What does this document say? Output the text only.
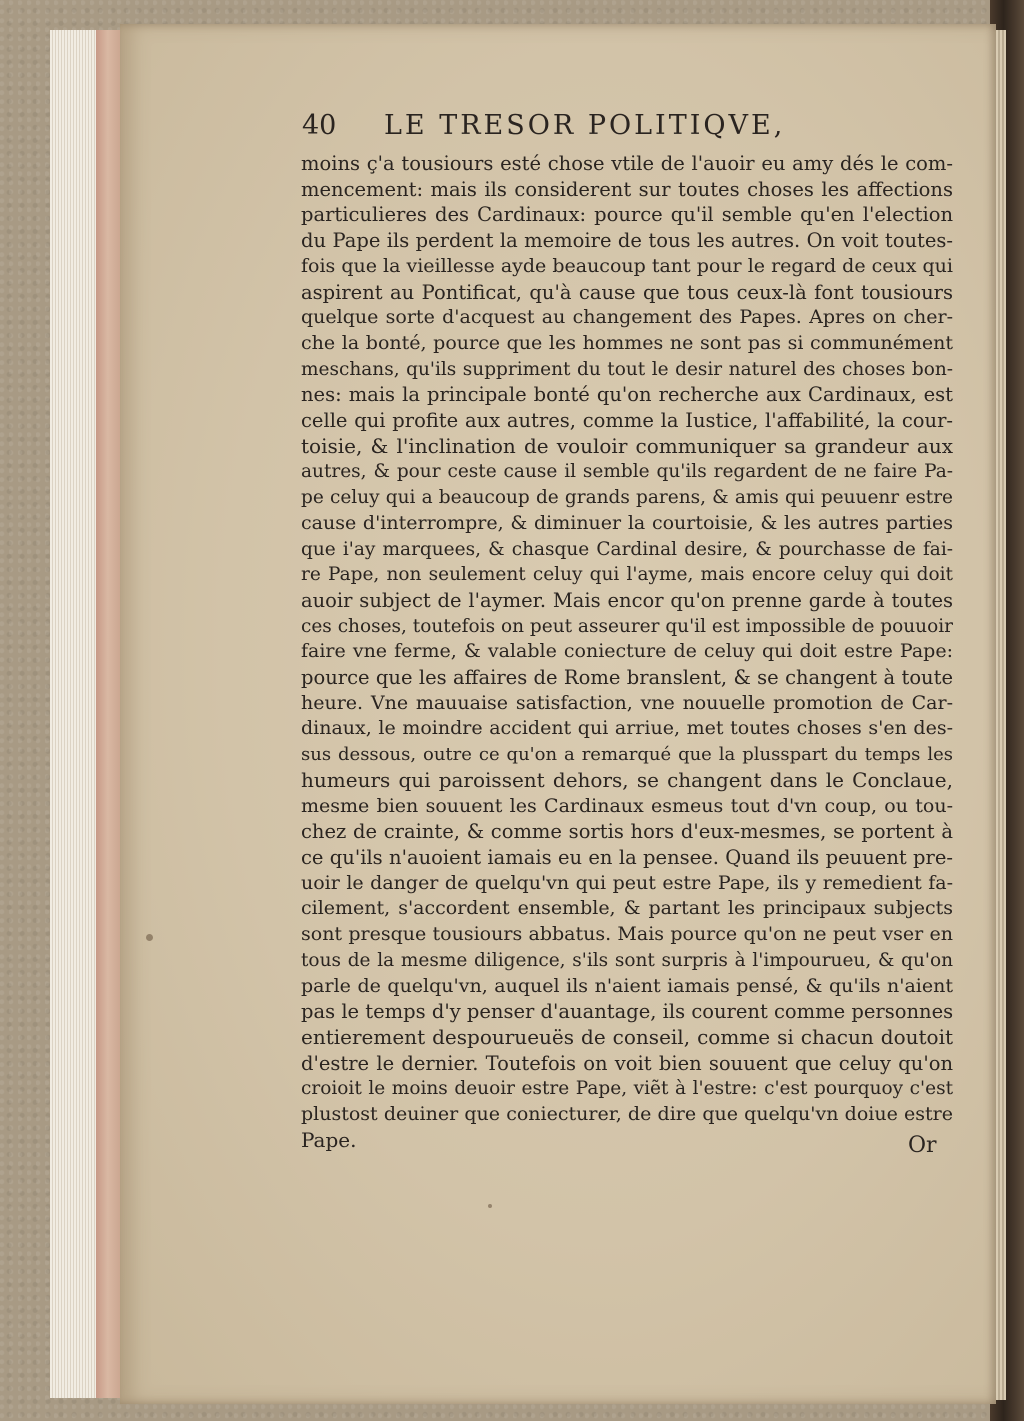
40 LE TRESOR POLITIQVE,
moins ç'a tousiours esté chose vtile de l'auoir eu amy dés le com-
mencement: mais ils considerent sur toutes choses les affections
particulieres des Cardinaux: pource qu'il semble qu'en l'election
du Pape ils perdent la memoire de tous les autres. On voit toutes-
fois que la vieillesse ayde beaucoup tant pour le regard de ceux qui
aspirent au Pontificat, qu'à cause que tous ceux-là font tousiours
quelque sorte d'acquest au changement des Papes. Apres on cher-
che la bonté, pource que les hommes ne sont pas si communément
meschans, qu'ils suppriment du tout le desir naturel des choses bon-
nes: mais la principale bonté qu'on recherche aux Cardinaux, est
celle qui profite aux autres, comme la Iustice, l'affabilité, la cour-
toisie, & l'inclination de vouloir communiquer sa grandeur aux
autres, & pour ceste cause il semble qu'ils regardent de ne faire Pa-
pe celuy qui a beaucoup de grands parens, & amis qui peuuenr estre
cause d'interrompre, & diminuer la courtoisie, & les autres parties
que i'ay marquees, & chasque Cardinal desire, & pourchasse de fai-
re Pape, non seulement celuy qui l'ayme, mais encore celuy qui doit
auoir subject de l'aymer. Mais encor qu'on prenne garde à toutes
ces choses, toutefois on peut asseurer qu'il est impossible de pouuoir
faire vne ferme, & valable coniecture de celuy qui doit estre Pape:
pource que les affaires de Rome branslent, & se changent à toute
heure. Vne mauuaise satisfaction, vne nouuelle promotion de Car-
dinaux, le moindre accident qui arriue, met toutes choses s'en des-
sus dessous, outre ce qu'on a remarqué que la plusspart du temps les
humeurs qui paroissent dehors, se changent dans le Conclaue,
mesme bien souuent les Cardinaux esmeus tout d'vn coup, ou tou-
chez de crainte, & comme sortis hors d'eux-mesmes, se portent à
ce qu'ils n'auoient iamais eu en la pensee. Quand ils peuuent pre-
uoir le danger de quelqu'vn qui peut estre Pape, ils y remedient fa-
cilement, s'accordent ensemble, & partant les principaux subjects
sont presque tousiours abbatus. Mais pource qu'on ne peut vser en
tous de la mesme diligence, s'ils sont surpris à l'impourueu, & qu'on
parle de quelqu'vn, auquel ils n'aient iamais pensé, & qu'ils n'aient
pas le temps d'y penser d'auantage, ils courent comme personnes
entierement despourueuës de conseil, comme si chacun doutoit
d'estre le dernier. Toutefois on voit bien souuent que celuy qu'on
croioit le moins deuoir estre Pape, viẽt à l'estre: c'est pourquoy c'est
plustost deuiner que coniecturer, de dire que quelqu'vn doiue estre
Pape.	Or
